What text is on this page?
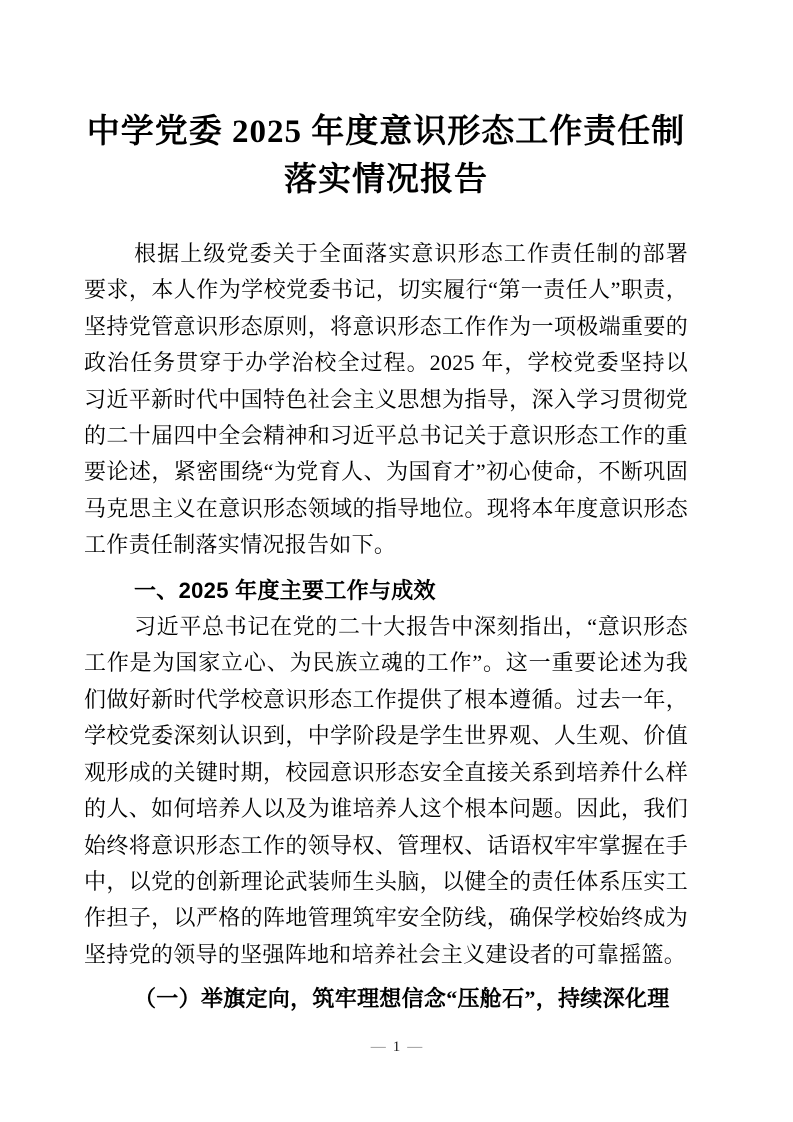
中学党委 2025 年度意识形态工作责任制
落实情况报告

根据上级党委关于全面落实意识形态工作责任制的部署要求，本人作为学校党委书记，切实履行“第一责任人”职责，坚持党管意识形态原则，将意识形态工作作为一项极端重要的政治任务贯穿于办学治校全过程。2025 年，学校党委坚持以习近平新时代中国特色社会主义思想为指导，深入学习贯彻党的二十届四中全会精神和习近平总书记关于意识形态工作的重要论述，紧密围绕“为党育人、为国育才”初心使命，不断巩固马克思主义在意识形态领域的指导地位。现将本年度意识形态工作责任制落实情况报告如下。

一、2025 年度主要工作与成效

习近平总书记在党的二十大报告中深刻指出，“意识形态工作是为国家立心、为民族立魂的工作”。这一重要论述为我们做好新时代学校意识形态工作提供了根本遵循。过去一年，学校党委深刻认识到，中学阶段是学生世界观、人生观、价值观形成的关键时期，校园意识形态安全直接关系到培养什么样的人、如何培养人以及为谁培养人这个根本问题。因此，我们始终将意识形态工作的领导权、管理权、话语权牢牢掌握在手中，以党的创新理论武装师生头脑，以健全的责任体系压实工作担子，以严格的阵地管理筑牢安全防线，确保学校始终成为坚持党的领导的坚强阵地和培养社会主义建设者的可靠摇篮。

（一）举旗定向，筑牢理想信念“压舱石”，持续深化理
— 1 —
